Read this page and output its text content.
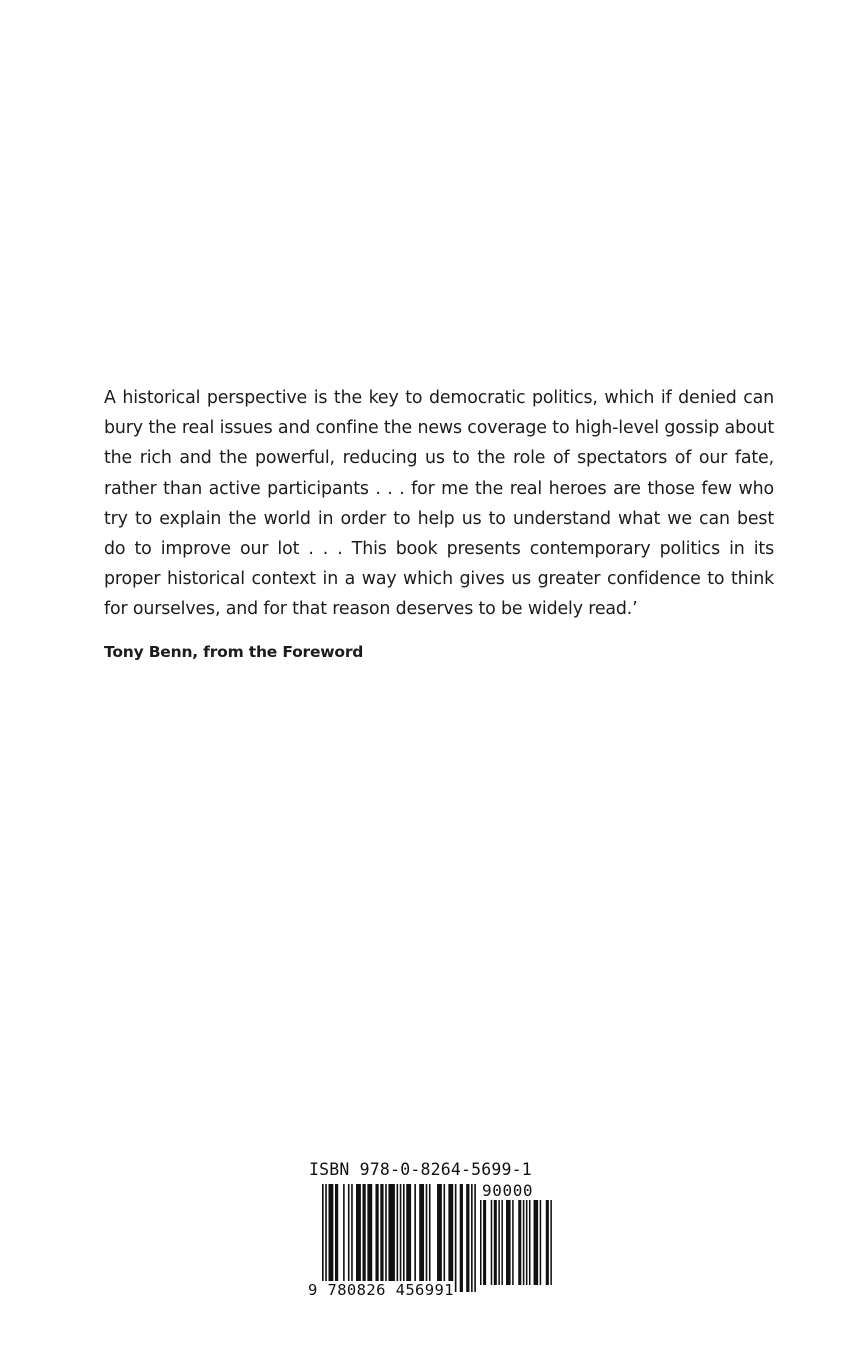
A historical perspective is the key to democratic politics, which if denied can bury the real issues and confine the news coverage to high-level gossip about the rich and the powerful, reducing us to the role of spectators of our fate, rather than active participants . . . for me the real heroes are those few who try to explain the world in order to help us to understand what we can best do to improve our lot . . . This book presents contemporary politics in its proper historical context in a way which gives us greater confidence to think for ourselves, and for that reason deserves to be widely read.’

Tony Benn, from the Foreword

ISBN 978-0-8264-5699-1
90000
9 780826 456991
